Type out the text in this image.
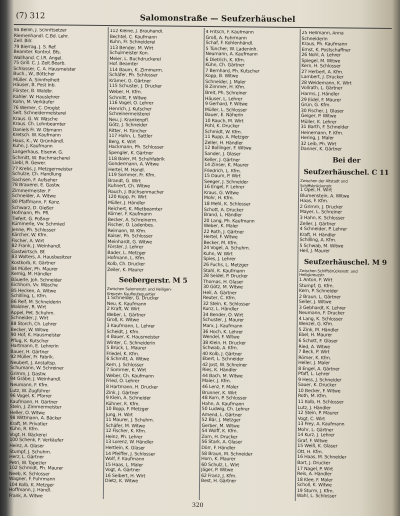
(7) 312	Salomonstraße — Seufzerhäuschel
9a Bellin, J. Schriftsetzer
Riemenhandl. C.Bd. Lehr.
Zell. Bilr.
79 Bierrag. J. S. Ref.
Beamter. Kontrol. Bfs.
Wallhand. C.l.R. Angel.
75 Grill. C. J. Zeit.Bearb.
Schlosser, C. A. Hausmeister
Buch., W., Böttcher
Müller. A. Sinnfreiheit
Häuser, B. Post Inb.
Förster, B. Waldbr.
Kahler. W. Hauslehrer
Kohn, M. Verkäufer
76 Werner, C. Drogist
Selt. Schneidermeisterei
Kraus. G. W. Wäsche
Kraus. Ch. Lohnbeamter
Daniels Fr. W. Obmann
Kretsch. W. Kaufmann
Haus, K., W. Grünhändl.
Kuhn, J. Kaufmann
Langerhaus, Eisenw. G.
Schmitt, W. Buchmacherei
Liebl, R. Gewer.
77 Krebs, J. Metzgermeister
Schulze, Ch. Handlung
Sachsen, F. Aufseher
78 Brauerei, E. Gastw.
Zimmermeister. F
Schneider, A. Witwe
80 Pfaffmann, F. Kanz.
Schwarz, D. Gießer
Hofmann, Ph. Pfl.
Tiefert. G. Poßner
Kümmerle, Vw. Schmied
Jenne, Ph. Schlosser
Kärcher, W. Kfm.
Fischer, A. Wirt
82 Frank, J. Weinhandl.
Gastwirtsch. Bf.
83 Wolters, A. Hausbesitzer
Kostkorb, K. Gärtner
84 Müller, Ph. Maurer
Kernig, M. Händler
Bäuerle, Joh. Schneider
Eichhorn, Vv. Wäsche
85 Hecken, A. Witwe
Schilling, L. Kfm.
86 Reif, M. Schneiderin
Waldner, R. Wirt
Appel, Pet. Schuhm.
Schneider, J. Wirt
88 Storch, Ch. Lehrer
Becker, W. Witwe
90 Hof, K. Hausmeister
Pflug, K. Kutscher
Hartmann, E. Lehrerin
Bauer, H. Gärtner
92 Müller, Fr. Fabrik.
Neubert, J. Anstaltsp.
Schumann, W. Schreiner
Grimm, J. Gastw.
94 Gräbe, J. Weinhandl.
Neumann, F. Kfm.
Lutz, W. Zugführer
96 Vogel, K. Pfarrer
Kaufmann, H. Gärtner
Stein, J. Zimmermeister
Heller, O. Witwe
98 Wittmann, A. Bäcker
Kraft, M. Privatier
Kühn, R. Kfm.
Vogt, H. Bäckerei
100 Schenk, F. Verkäufer
Heinz, A. Glaser
Stumpf, J. Schuhm.
Herz, L. Gärtner
Petri, W. Tapezier
102 Schmidt, Ph. Maurer
Neeb, K. Schlosser
Wagner, F. Fuhrmann
104 Kolb, K. Metzger
Hoffmann, J. Handl.
Frank, A. Witwe
112 Kleine, J. Brauhändl.
Bechtel, C. Kaufmann
Kuhn, Fr. Schneiderei
113 Bender, M. Wirt
Schulmeister Kon.
Meier, L. Buchdruckerei
Hof. Beamter
114 Baum, K. Zimmerm.
Schäfer, Ph. Schlosser
Krämer, G. Gärtner
115 Schuster, J. Drucker
Weber, H. Kfm.
Schmitt, F. Witwe
116 Vogel, O. Lehrer
Henrich, J. Kutscher
Schreinermeisterei
Neu, J. Krankenpfl.
Götz, J. Schneider
Ritter, H. Tüncher
117 Hahn, L. Sattler
Berg, K. Wirt
Hackmann, Ph. Schlosser
Spengler, K. Gärtner
118 Baier, M. Schuhfabrik
Gondermann, A. Witwe
Hertel, M. Handl.
119 Sommer, Fr. Kfm.
Brandt, G. Wirt
Kuhnert, Ch. Witwe
Rauch, J. Büchsenmacher
120 Kopp, Fr. Wirt
Müller, J. Händler
Reichert, K. Mietbeamter
Körner, F. Kaufmann
Becker, A. Schreinerm.
Fischer, O. Ladenbes.
Reimann, W. Kfm.
Kaiser, Ph. Schlosser
Meinhardt, G. Witwe
Förster, J. Lehrer
Bader, L. Metzger
Hofmann, L. Kfm.
Kolb, Ch. Drucker
Zeiler, K. Maurer
Seebergerstr. M 5
Zwischen Salomonstr. und Heiligen-
Kreuzstr. Kaufleutequartier
1 Schneider, G. Drucker
Neu, K. Kaufmann
2 Kraft, W. Wirt
Weber, L. Gärtner
Groß, K. Witwe
3 Kaufmann, L. Lehrer
Scheidt, J. Kfm.
4 Bauer, K. Hausmeister
Winter, C. Schneiderin
5 Brück, L. Maurer
Friedel, K. Kfm.
6 Schmitt, A. Witwe
Kern, J. Schlosser
7 Sommer, K. Wirt
Weber, Ch. Kaufmann
Fried, O. Lehrer
8 Hartmann, H. Drucker
Zink, J. Gärtner
9 Klein, A. Schneider
Kühner, K. Kfm.
10 Bopp, F. Metzger
Jung, H. Wirt
11 Maurer, J. Schuhm.
Schäfer, M. Witwe
12 Fischer, K. Kfm.
Heinz, Ph. Lehrer
13 Lorenz, W. Händler
Hertlein, K. Glaser
14 Pfeiffer, J. Schlosser
Wolf, F. Kaufmann
15 Haas, L. Maler
Vogt, A. Gärtner
16 Seibert, H. Wirt
Dietz, K. Witwe
4 Fritsch, F. Kaufmann
Groß, A. Fuhrmann
Schaf, F. Kohlenhändl.
5 Tüncher, W. Ladeninh.
Neumann, A. Kaufmann
6 Dietrich, K. Kfm.
Kühn, Ch. Gärtner
7 Bernhard, Ph. Kutscher
Kopp, B. Witwe
Schneider, J. Maler
8 Zimmer, H. Kfm.
Breit, Ph. Schreiner
Häuser, L. Lehrer
9 Gerhard, F. Witwe
Müller, L. Schlosser
Bauer, E. Näherin
10 Rauch, M. Wirt
Pohl, K. Drucker
Schmidt, W. Kfm.
11 Rupp, A. Metzger
Zeller, H. Händler
12 Bollinger, F. Witwe
Sander, J. Glaser
Keller, J. Gärtner
14 Zinser, K. Maurer
Friedrich, L. Kfm.
15 Daum, P. Wirt
Seeger, J. Schneider
16 Engel, F. Lehrer
Kraus, G. Witwe
Mohr, H. Kfm.
18 Mehl, K. Schlosser
Schott, A. Drucker
Brand, L. Händler
20 Lang, Ph. Kaufmann
Weber, K. Maler
22 Roth, J. Gärtner
Hertel, F. Witwe
Becker, M. Kfm.
24 Vogel, A. Schuhm.
Kuhn, W. Wirt
Spies, J. Lehrer
26 Fuchs, L. Metzger
Stahl, K. Kaufmann
28 Seidel, P. Drucker
Thomas, H. Glaser
30 Götz, M. Witwe
Heil, A. Gärtner
Reuter, C. Kfm.
32 Stein, K. Schlosser
Kunz, L. Händler
34 Bender, O. Wirt
Schuster, J. Maurer
Marx, J. Kaufmann
36 Hoch, K. Lehrer
Wendel, F. Witwe
38 Klein, H. Drucker
Schwab, A. Kfm.
40 Kolb, J. Gärtner
Ebert, L. Schneider
42 Jost, W. Schreiner
Ries, K. Händler
44 Bach, M. Witwe
Maier, J. Kfm.
46 Lenz, F. Maler
Brunner, K. Wirt
48 Korn, P. Schlosser
Hahn, A. Kaufmann
50 Ludwig, Ch. Lehrer
Amend, L. Gärtner
52 Bär, J. Metzger
Gerber, M. Witwe
54 Wolff, K. Kfm.
Zorn, H. Drucker
56 Stark, A. Glaser
Dörr, F. Händler
58 Braun, M. Schneider
Horn, K. Maurer
60 Schulz, L. Wirt
Jäger, P. Witwe
62 Franz, J. Kfm.
Best, H. Gärtner
25 Hellmann, Anna
Schneiderin
Kraus, Ph. Kaufmann
Ernst, K. Postschaffner
26 Nohl, A. Lehrer
Spiegel, M. Witwe
Kern, H. Schlosser
27 Herbert, A. Kfm.
Lambert, J. Drucker
28 Weidemann, K. Wirt
Vollrath, L. Gärtner
Harms, J. Händler
29 Eidel, F. Maurer
Grün, G. Kfm.
30 Fischer, J. Glaser
Geiger, P. Witwe
Müller, K. Lehrer
31 Barth, F. Schneider
Heinemann, F. Kfm.
Hering, J. Maler
32 Leib, Ph. Wirt
Danner, K. Gärtner
Bei der
Seufzerhäuschel. C 11
Zwischen der Altstadt und
Schiffsbrückenstr.
1 Opel, H. Wirt
Blumenstein, A. Witwe
Haas, F. Kfm.
2 Grimm, J. Drucker
Mayer, L. Schreiner
3 Hahn, K. Schlosser
Zeller, J. Gärtner
4 Schneider, P. Lehrer
Kraft, H. Händler
Schilling, A. Kfm.
5 Schwab, M. Witwe
Heil, J. Maurer
Seufzerhäuschel. M 9
Zwischen Schiffsbrückenstr. und
Heiligkreuzstr.
1 Anton, F. Wirt
Stumpf, G. Kfm.
Kern, P. Schneider
2 Braun, L. Gärtner
Seiler, J. Witwe
3 Gebhardt, K. Lehrer
Neumann, F. Drucker
4 Lang, K. Schlosser
Wenzel, G. Kfm.
5 Zink, M. Händler
Ebel, H. Maurer
6 Schott, F. Glaser
Ried, A. Witwe
7 Beck, P. Wirt
Römer, K. Kfm.
Heller, J. Maler
8 Engel, A. Gärtner
Pfaff, L. Lehrer
9 Hess, J. Schneider
Sauer, K. Drucker
10 Becker, F. Witwe
Roth, M. Kfm.
11 Kolb, H. Schlosser
Lutz, J. Händler
12 Stein, P. Maurer
Vogt, C. Wirt
13 Frey, A. Kaufmann
Mohr, L. Gärtner
14 Kurz, J. Lehrer
Graf, F. Witwe
15 Weiß, K. Glaser
Ott, H. Kfm.
16 Haas, M. Schneider
Bart, J. Drucker
17 Nagel, P. Wirt
Reis, A. Händler
18 Klee, F. Maler
Scholl, K. Witwe
19 Sturm, J. Kfm.
Wahl, L. Schlosser
320
